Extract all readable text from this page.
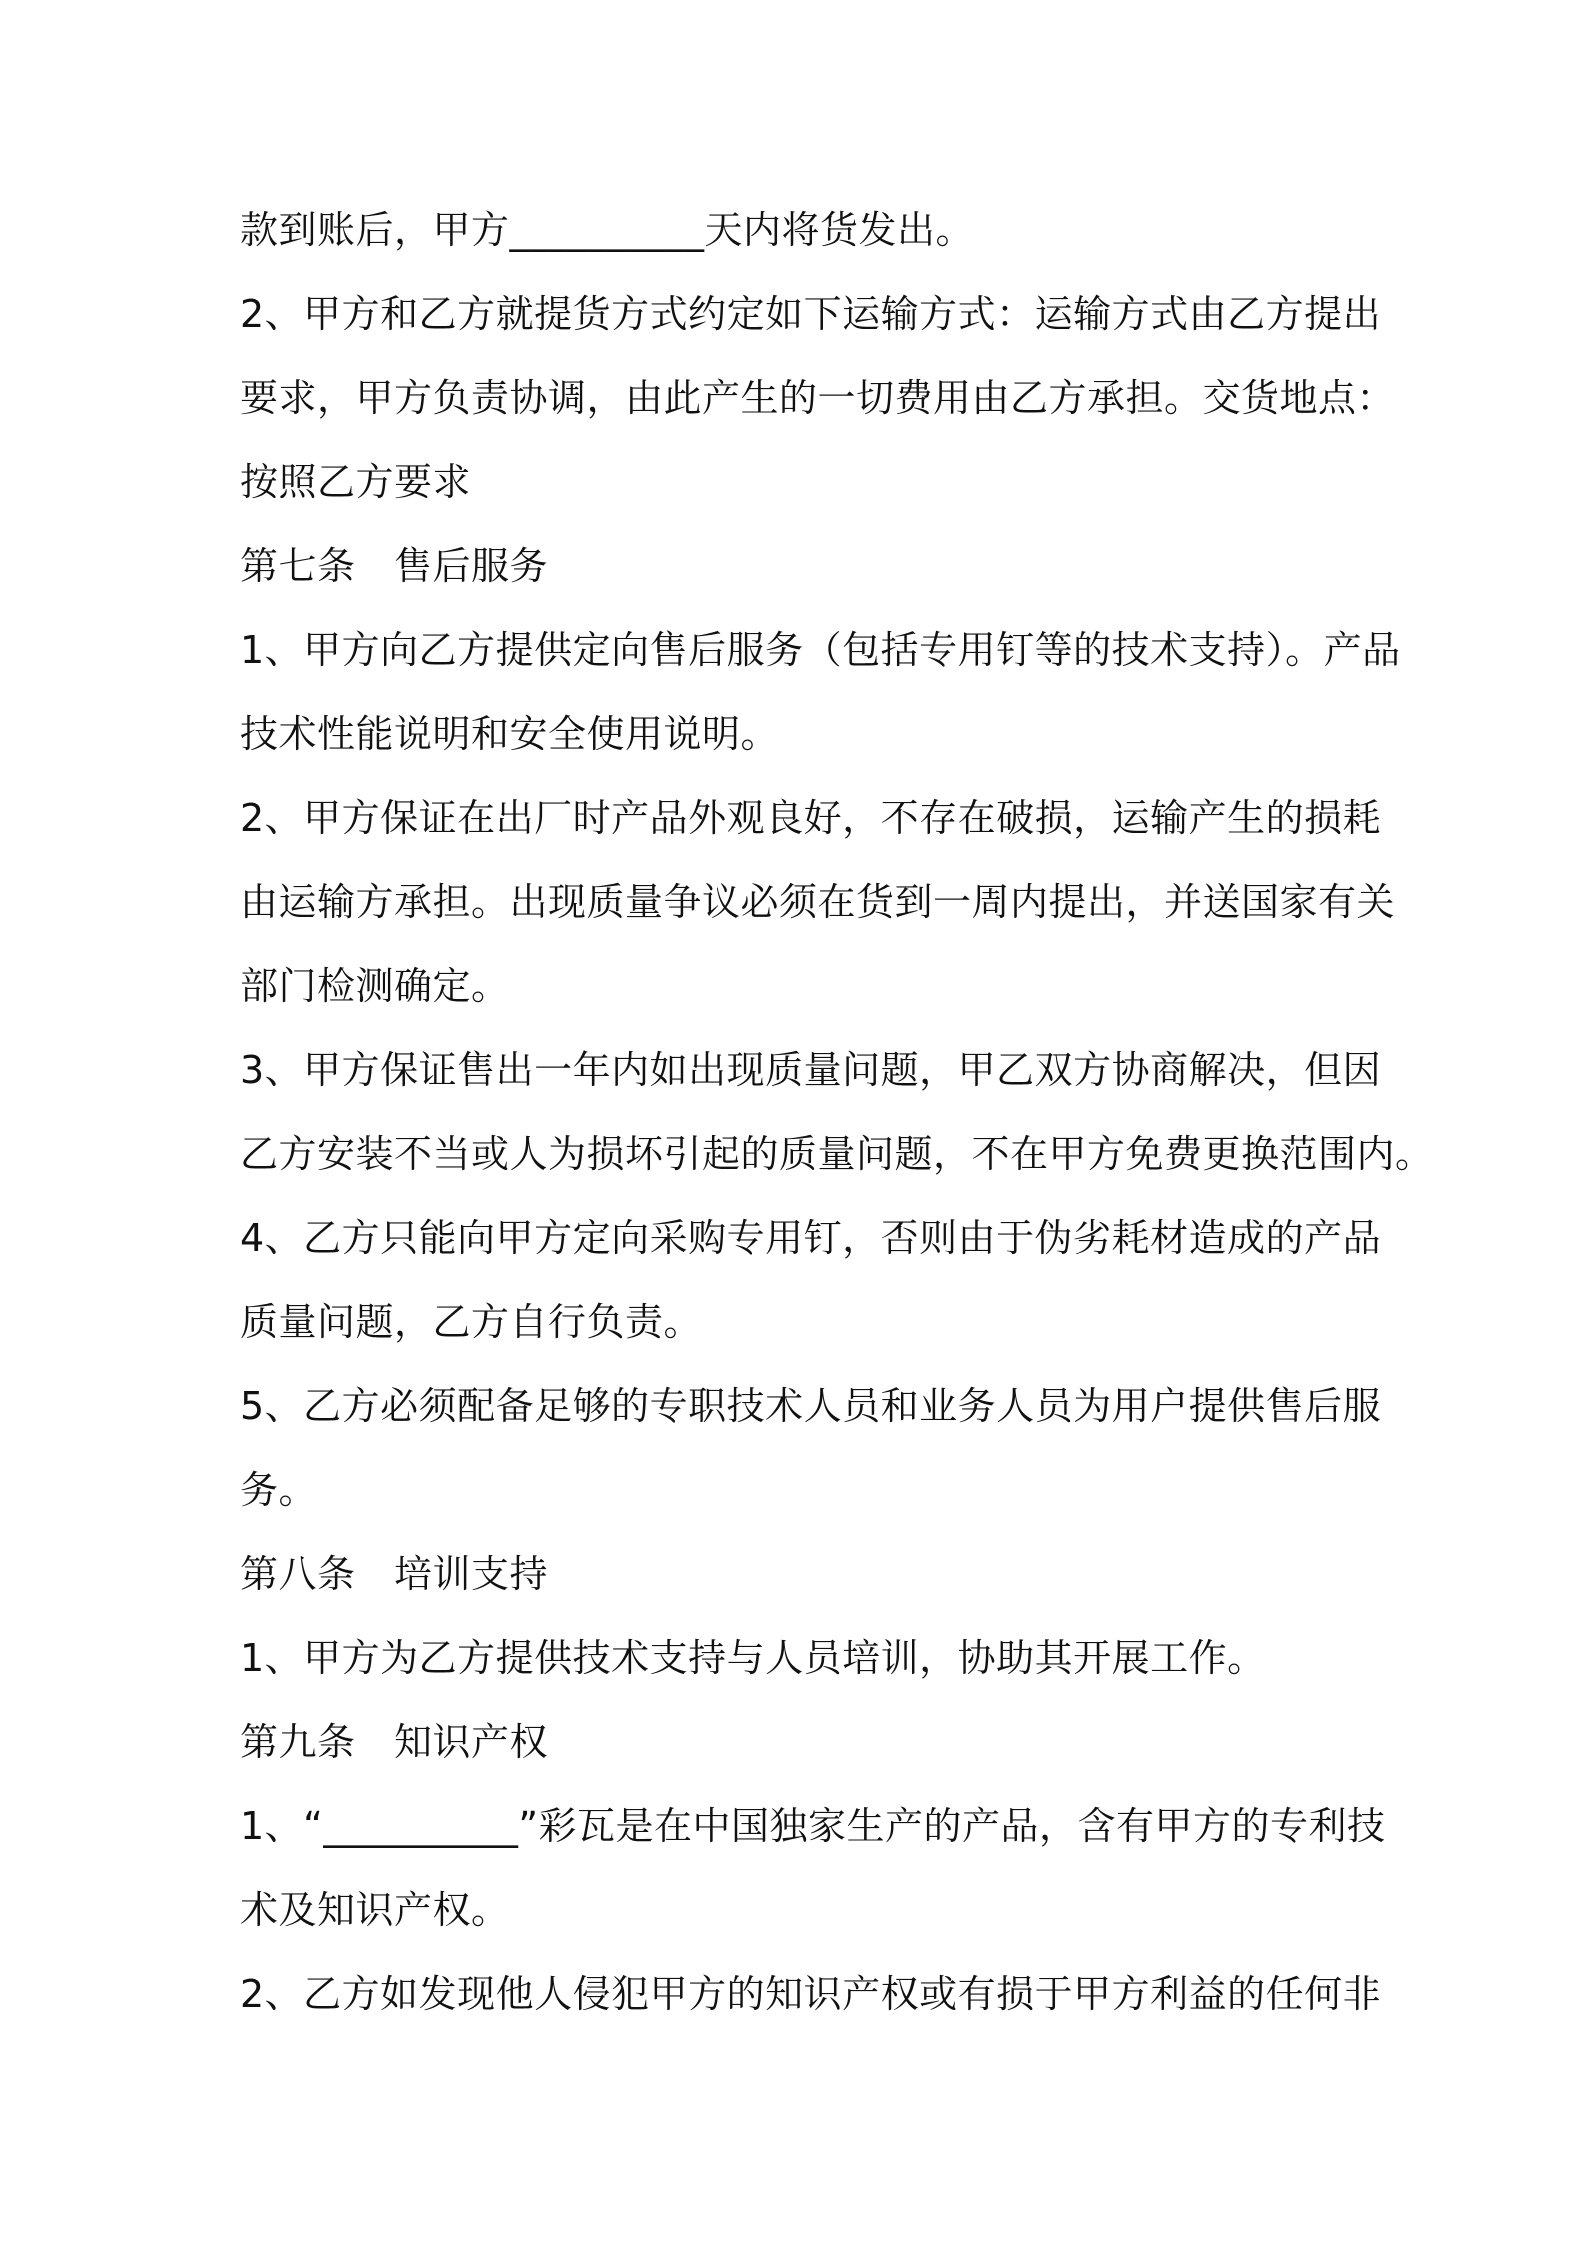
款到账后，甲方__________天内将货发出。
2、甲方和乙方就提货方式约定如下运输方式：运输方式由乙方提出
要求，甲方负责协调，由此产生的一切费用由乙方承担。交货地点：
按照乙方要求
第七条　售后服务
1、甲方向乙方提供定向售后服务（包括专用钉等的技术支持）。产品
技术性能说明和安全使用说明。
2、甲方保证在出厂时产品外观良好，不存在破损，运输产生的损耗
由运输方承担。出现质量争议必须在货到一周内提出，并送国家有关
部门检测确定。
3、甲方保证售出一年内如出现质量问题，甲乙双方协商解决，但因
乙方安装不当或人为损坏引起的质量问题，不在甲方免费更换范围内。
4、乙方只能向甲方定向采购专用钉，否则由于伪劣耗材造成的产品
质量问题，乙方自行负责。
5、乙方必须配备足够的专职技术人员和业务人员为用户提供售后服
务。
第八条　培训支持
1、甲方为乙方提供技术支持与人员培训，协助其开展工作。
第九条　知识产权
1、“__________”彩瓦是在中国独家生产的产品，含有甲方的专利技
术及知识产权。
2、乙方如发现他人侵犯甲方的知识产权或有损于甲方利益的任何非
